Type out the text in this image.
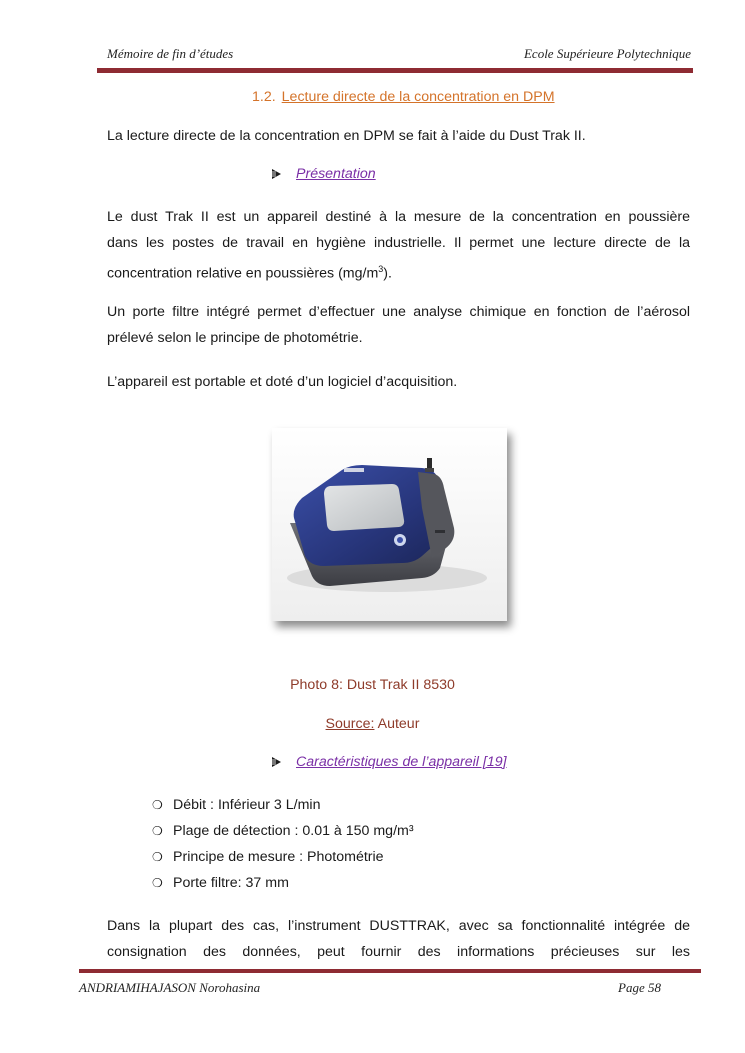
Mémoire de fin d’études	Ecole Supérieure Polytechnique
1.2. Lecture directe de la concentration en DPM
La lecture directe de la concentration en DPM se fait à l’aide du Dust Trak II.
Présentation
Le dust Trak II est un appareil destiné à la mesure de la concentration en poussière
dans les postes de travail en hygiène industrielle. Il permet une lecture directe de la
concentration relative en poussières $(mg/m^3)$.
Un porte filtre intégré permet d’effectuer une analyse chimique en fonction de l’aérosol prélevé selon le principe de photométrie.
L’appareil est portable et doté d’un logiciel d’acquisition.
Photo 8: Dust Trak II 8530
Source: Auteur
Caractéristiques de l’appareil [19]
❍ Débit : Inférieur 3 L/min
❍ Plage de détection : 0.01 à 150 mg/m³
❍ Principe de mesure : Photométrie
❍ Porte filtre: 37 mm
Dans la plupart des cas, l’instrument DUSTTRAK, avec sa fonctionnalité intégrée de
consignation des données, peut fournir des informations précieuses sur les
ANDRIAMIHAJASON Norohasina	Page 58
